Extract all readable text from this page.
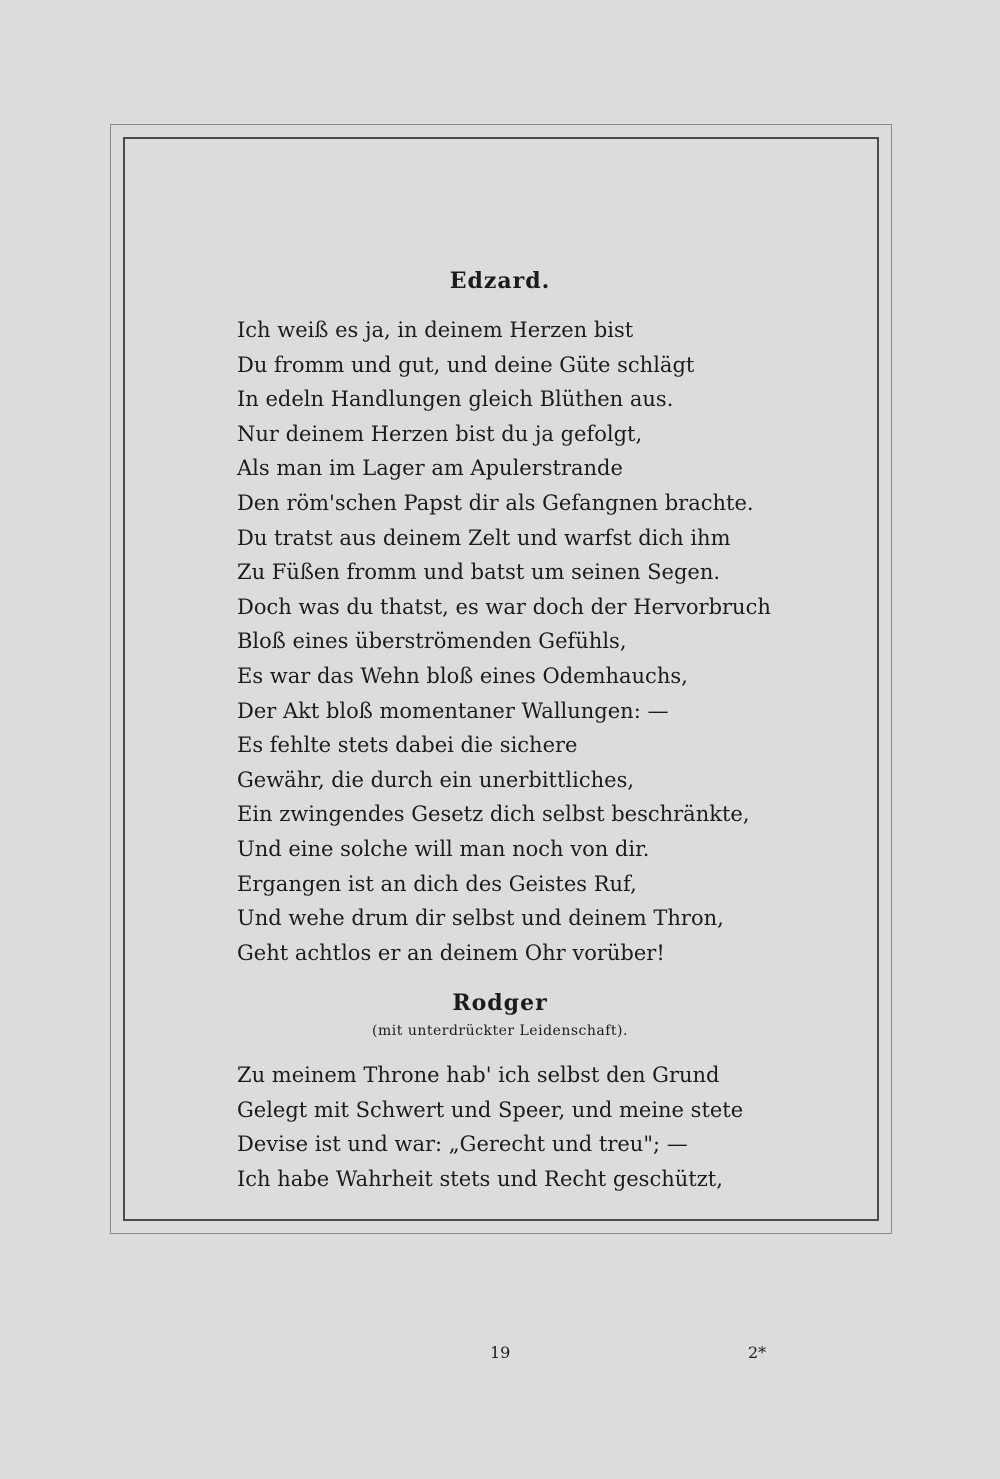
Edzard.
Ich weiß es ja, in deinem Herzen bist
Du fromm und gut, und deine Güte schlägt
In edeln Handlungen gleich Blüthen aus.
Nur deinem Herzen bist du ja gefolgt,
Als man im Lager am Apulerstrande
Den röm'schen Papst dir als Gefangnen brachte.
Du tratst aus deinem Zelt und warfst dich ihm
Zu Füßen fromm und batst um seinen Segen.
Doch was du thatst, es war doch der Hervorbruch
Bloß eines überströmenden Gefühls,
Es war das Wehn bloß eines Odemhauchs,
Der Akt bloß momentaner Wallungen: —
Es fehlte stets dabei die sichere
Gewähr, die durch ein unerbittliches,
Ein zwingendes Gesetz dich selbst beschränkte,
Und eine solche will man noch von dir.
Ergangen ist an dich des Geistes Ruf,
Und wehe drum dir selbst und deinem Thron,
Geht achtlos er an deinem Ohr vorüber!
Rodger
(mit unterdrückter Leidenschaft).
Zu meinem Throne hab' ich selbst den Grund
Gelegt mit Schwert und Speer, und meine stete
Devise ist und war: „Gerecht und treu"; —
Ich habe Wahrheit stets und Recht geschützt,
19	2*
